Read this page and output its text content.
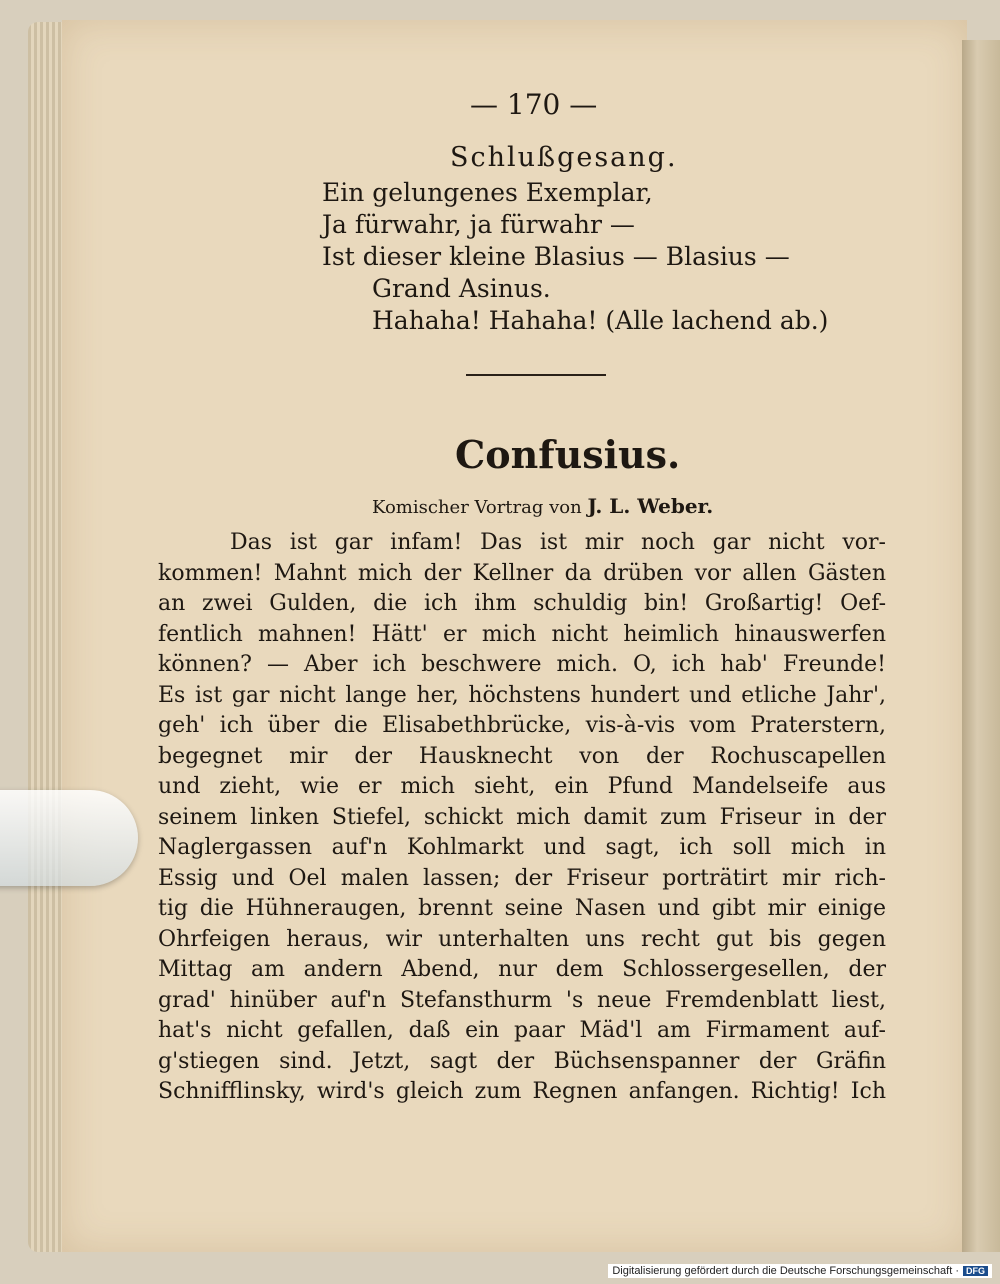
— 170 —
Schlußgesang.
Ein gelungenes Exemplar,
Ja fürwahr, ja fürwahr —
Ist dieser kleine Blasius — Blasius —
Grand Asinus.
Hahaha! Hahaha! (Alle lachend ab.)
Confusius.
Komischer Vortrag von J. L. Weber.
Das ist gar infam! Das ist mir noch gar nicht vor-
kommen! Mahnt mich der Kellner da drüben vor allen Gästen
an zwei Gulden, die ich ihm schuldig bin! Großartig! Oef-
fentlich mahnen! Hätt' er mich nicht heimlich hinauswerfen
können? — Aber ich beschwere mich. O, ich hab' Freunde!
Es ist gar nicht lange her, höchstens hundert und etliche Jahr',
geh' ich über die Elisabethbrücke, vis-à-vis vom Praterstern,
begegnet mir der Hausknecht von der Rochuscapellen
und zieht, wie er mich sieht, ein Pfund Mandelseife aus
seinem linken Stiefel, schickt mich damit zum Friseur in der
Naglergassen auf'n Kohlmarkt und sagt, ich soll mich in
Essig und Oel malen lassen; der Friseur porträtirt mir rich-
tig die Hühneraugen, brennt seine Nasen und gibt mir einige
Ohrfeigen heraus, wir unterhalten uns recht gut bis gegen
Mittag am andern Abend, nur dem Schlossergesellen, der
grad' hinüber auf'n Stefansthurm 's neue Fremdenblatt liest,
hat's nicht gefallen, daß ein paar Mäd'l am Firmament auf-
g'stiegen sind. Jetzt, sagt der Büchsenspanner der Gräfin
Schnifflinsky, wird's gleich zum Regnen anfangen. Richtig! Ich
Digitalisierung gefördert durch die Deutsche Forschungsgemeinschaft · DFG
